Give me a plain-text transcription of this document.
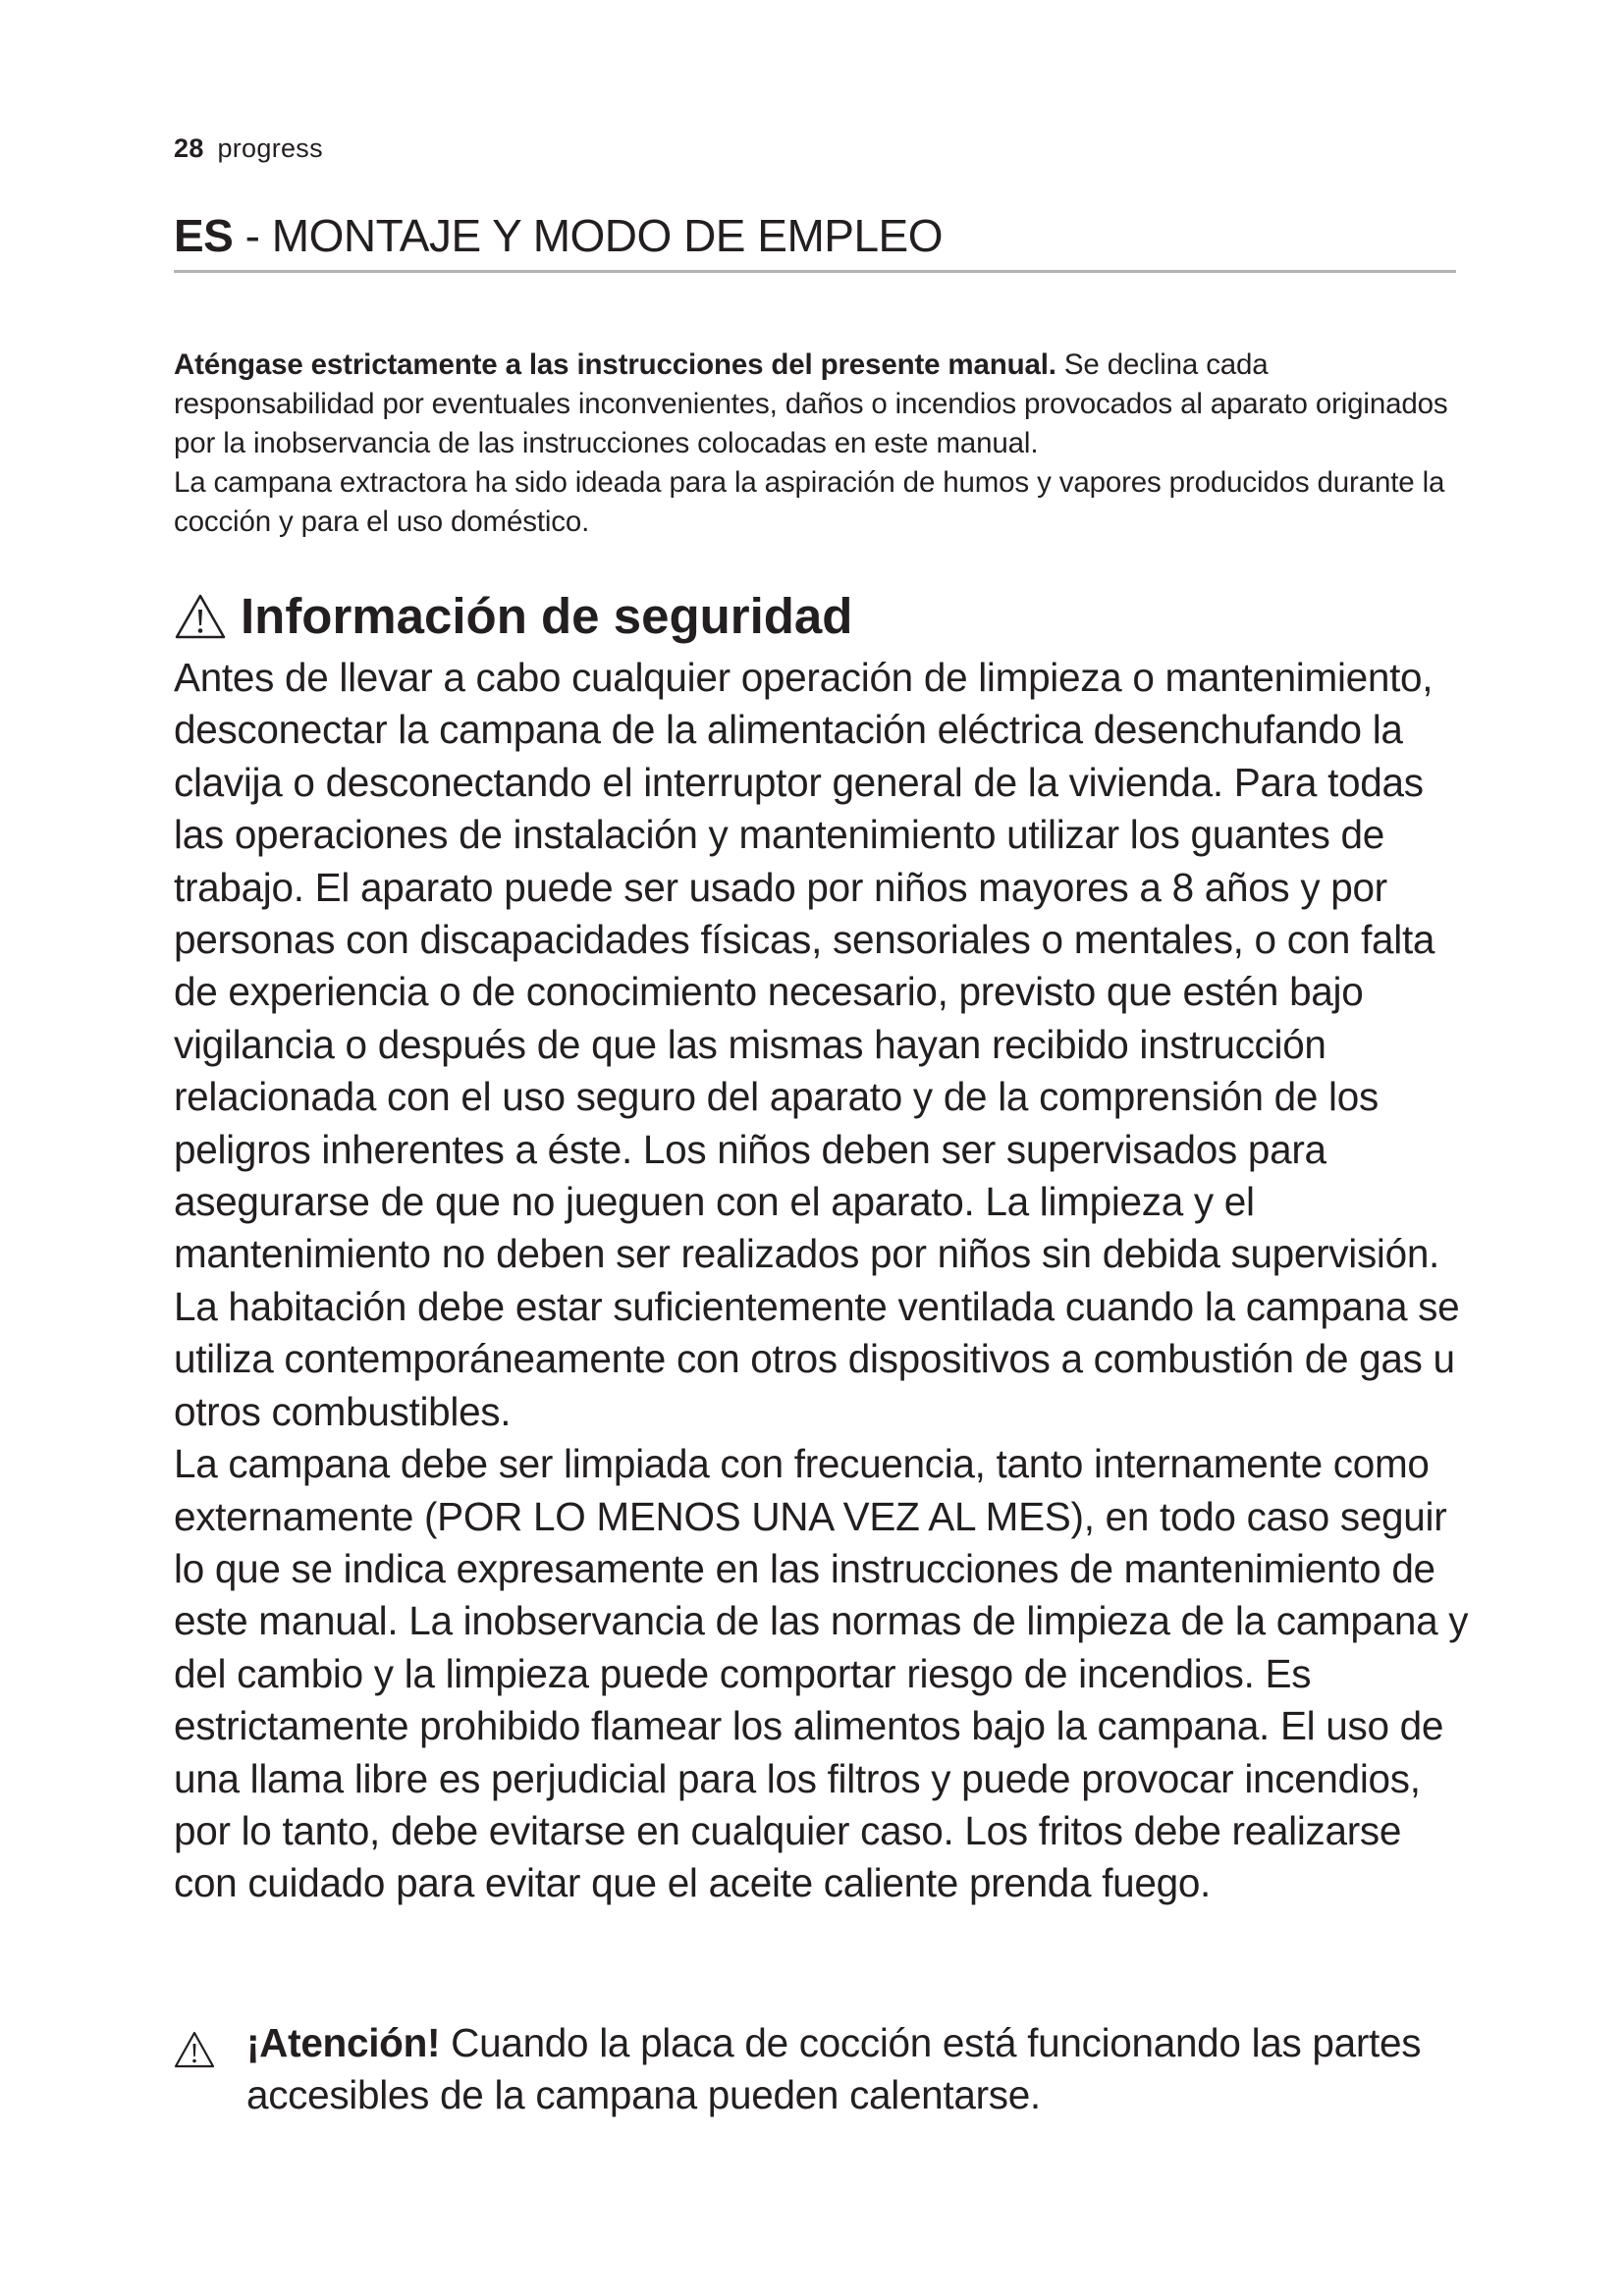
28 progress
ES - MONTAJE Y MODO DE EMPLEO

Aténgase estrictamente a las instrucciones del presente manual. Se declina cada responsabilidad por eventuales inconvenientes, daños o incendios provocados al aparato originados por la inobservancia de las instrucciones colocadas en este manual.

La campana extractora ha sido ideada para la aspiración de humos y vapores producidos durante la cocción y para el uso doméstico.

Información de seguridad

Antes de llevar a cabo cualquier operación de limpieza o mantenimiento, desconectar la campana de la alimentación eléctrica desenchufando la clavija o desconectando el interruptor general de la vivienda. Para todas las operaciones de instalación y mantenimiento utilizar los guantes de trabajo. El aparato puede ser usado por niños mayores a 8 años y por personas con discapacidades físicas, sensoriales o mentales, o con falta de experiencia o de conocimiento necesario, previsto que estén bajo vigilancia o después de que las mismas hayan recibido instrucción relacionada con el uso seguro del aparato y de la comprensión de los peligros inherentes a éste. Los niños deben ser supervisados para asegurarse de que no jueguen con el aparato. La limpieza y el mantenimiento no deben ser realizados por niños sin debida supervisión. La habitación debe estar suficientemente ventilada cuando la campana se utiliza contemporáneamente con otros dispositivos a combustión de gas u otros combustibles.

La campana debe ser limpiada con frecuencia, tanto internamente como externamente (POR LO MENOS UNA VEZ AL MES), en todo caso seguir lo que se indica expresamente en las instrucciones de mantenimiento de este manual. La inobservancia de las normas de limpieza de la campana y del cambio y la limpieza puede comportar riesgo de incendios. Es estrictamente prohibido flamear los alimentos bajo la campana. El uso de una llama libre es perjudicial para los filtros y puede provocar incendios, por lo tanto, debe evitarse en cualquier caso. Los fritos debe realizarse con cuidado para evitar que el aceite caliente prenda fuego.

¡Atención! Cuando la placa de cocción está funcionando las partes accesibles de la campana pueden calentarse.
